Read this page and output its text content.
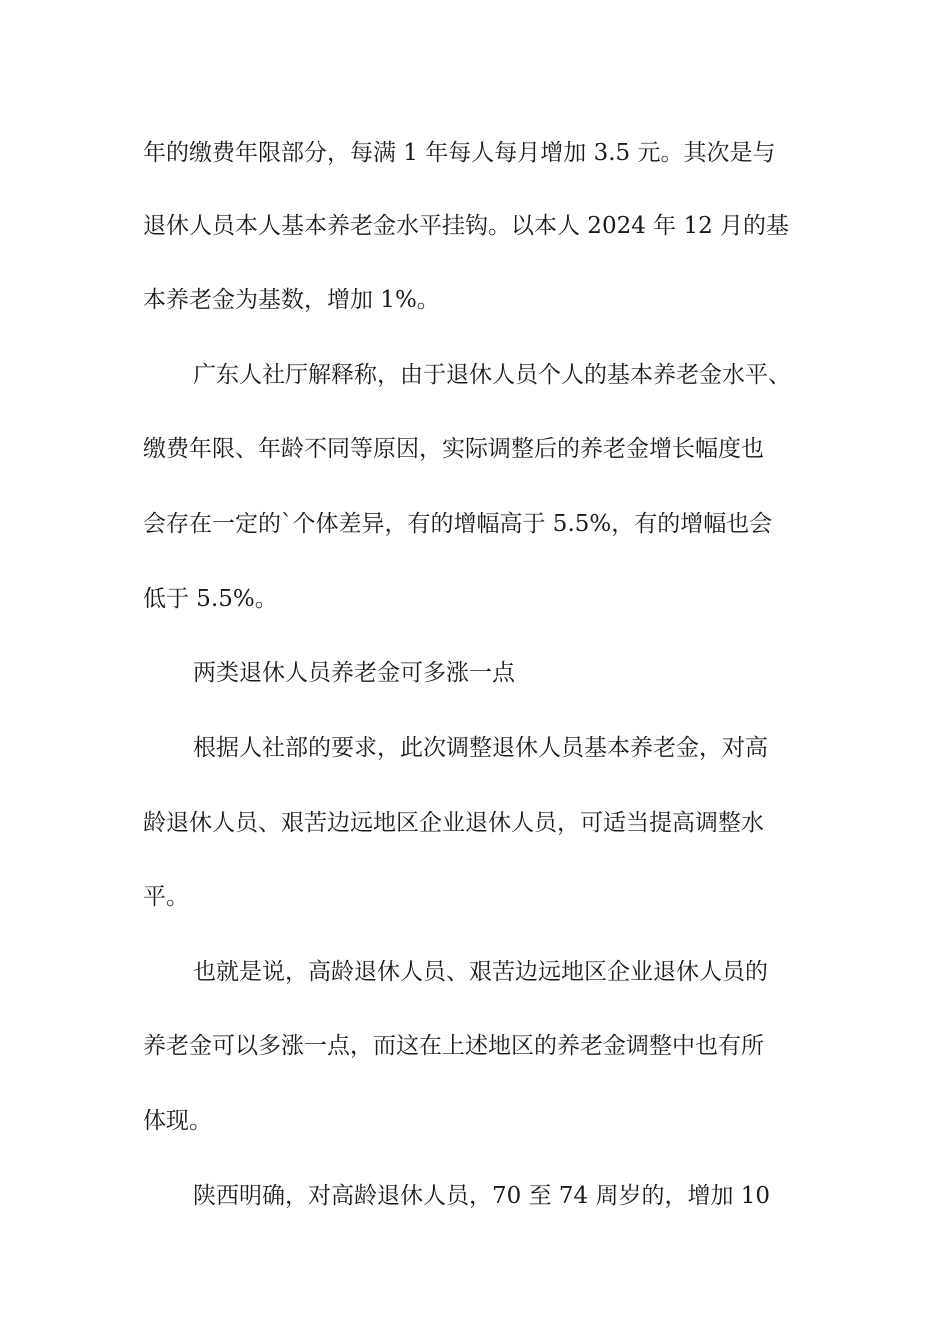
年的缴费年限部分，每满 1 年每人每月增加 3.5 元。其次是与
退休人员本人基本养老金水平挂钩。以本人 2024 年 12 月的基
本养老金为基数，增加 1%。
广东人社厅解释称，由于退休人员个人的基本养老金水平、
缴费年限、年龄不同等原因，实际调整后的养老金增长幅度也
会存在一定的`个体差异，有的增幅高于 5.5%，有的增幅也会
低于 5.5%。
两类退休人员养老金可多涨一点
根据人社部的要求，此次调整退休人员基本养老金，对高
龄退休人员、艰苦边远地区企业退休人员，可适当提高调整水
平。
也就是说，高龄退休人员、艰苦边远地区企业退休人员的
养老金可以多涨一点，而这在上述地区的养老金调整中也有所
体现。
陕西明确，对高龄退休人员，70 至 74 周岁的，增加 10
